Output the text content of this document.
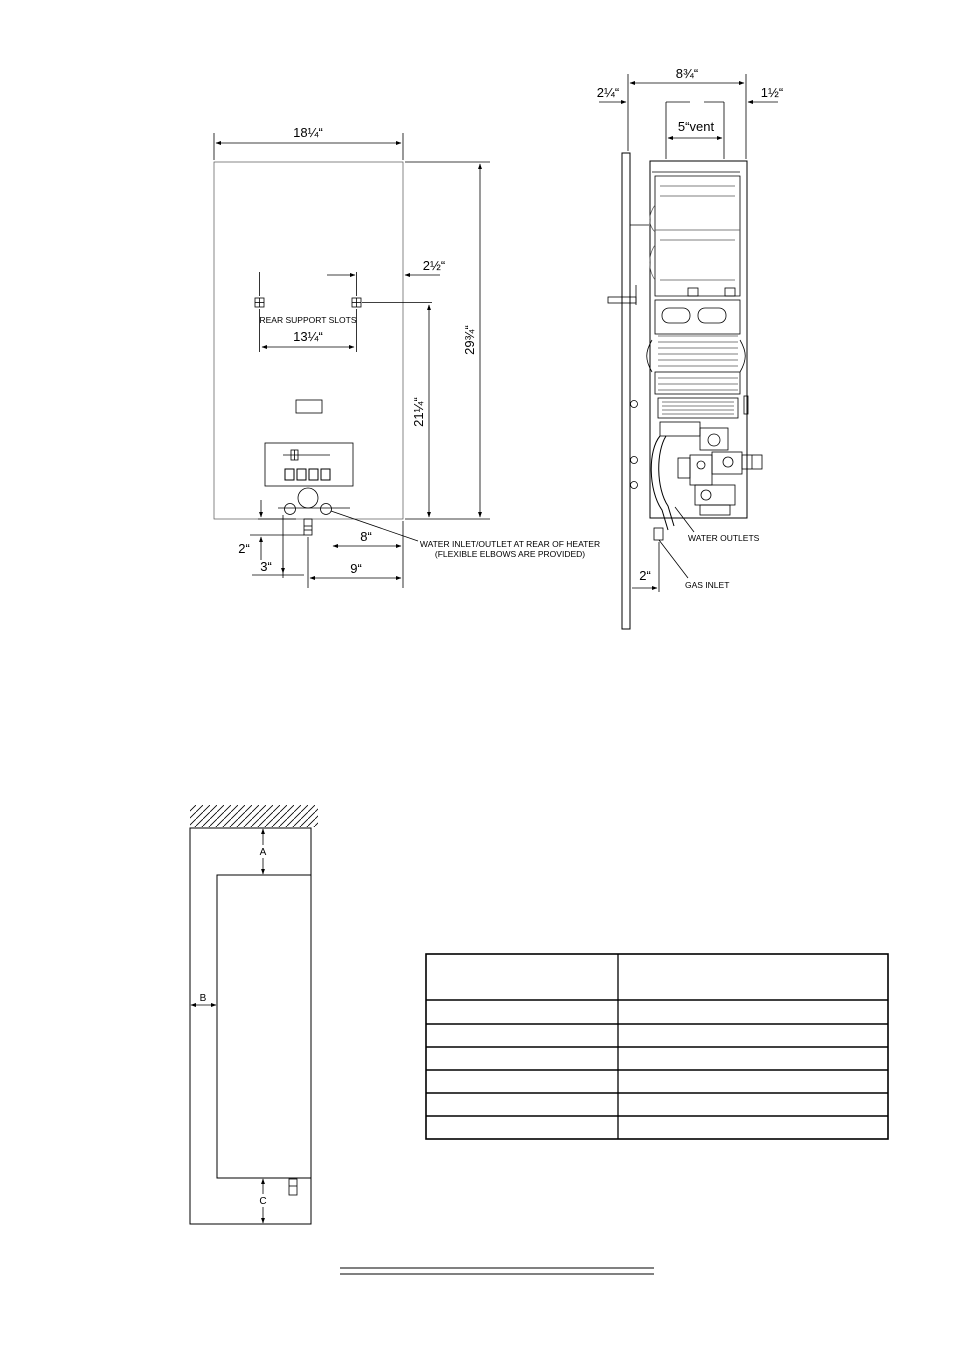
18¼“
29¾“
REAR SUPPORT SLOTS
13¼“
2½“
21¼“
WATER INLET/OUTLET AT REAR OF HEATER
(FLEXIBLE ELBOWS ARE PROVIDED)
2“
3“
8“
9“
8¾“
2¼“	1½“
5“vent
WATER OUTLETS
GAS INLET
2“
A
B
C
